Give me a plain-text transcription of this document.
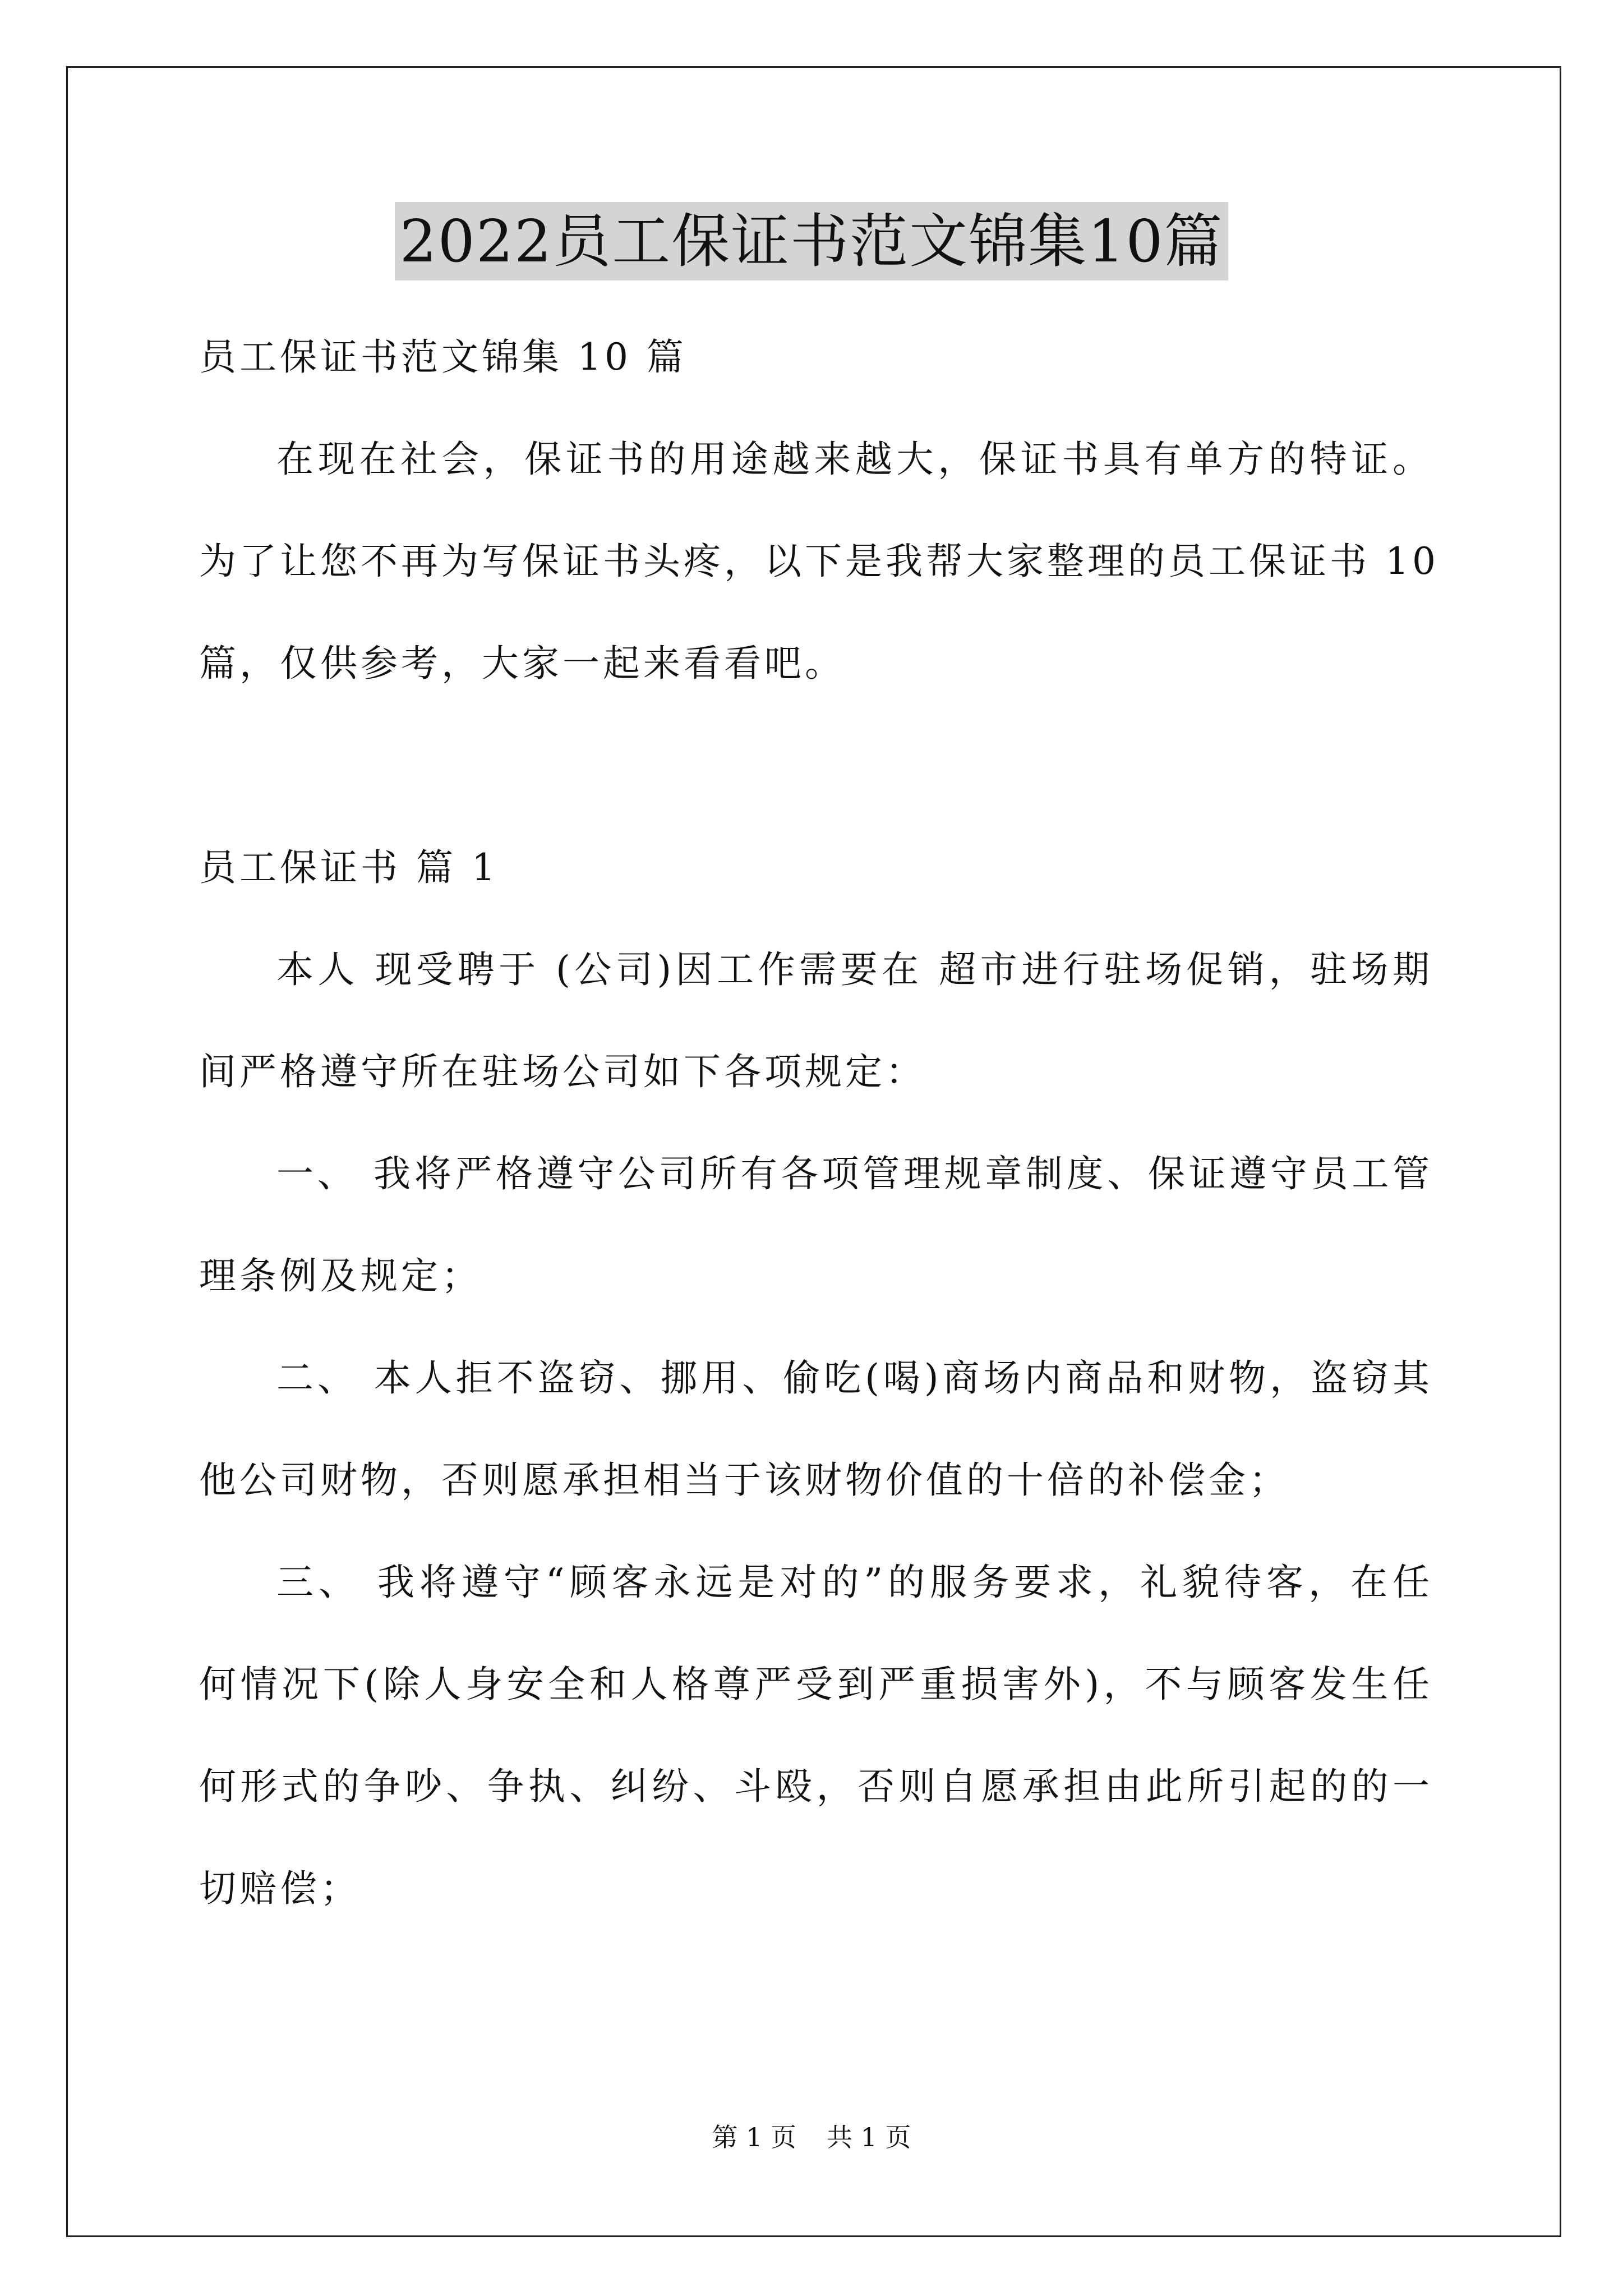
2022员工保证书范文锦集10篇
员工保证书范文锦集 10 篇
在现在社会，保证书的用途越来越大，保证书具有单方的特证。
为了让您不再为写保证书头疼，以下是我帮大家整理的员工保证书 10
篇，仅供参考，大家一起来看看吧。
员工保证书 篇 1
本人 现受聘于 (公司)因工作需要在 超市进行驻场促销，驻场期
间严格遵守所在驻场公司如下各项规定：
一、 我将严格遵守公司所有各项管理规章制度、保证遵守员工管
理条例及规定；
二、 本人拒不盗窃、挪用、偷吃(喝)商场内商品和财物，盗窃其
他公司财物，否则愿承担相当于该财物价值的十倍的补偿金；
三、 我将遵守“顾客永远是对的”的服务要求，礼貌待客，在任
何情况下(除人身安全和人格尊严受到严重损害外)，不与顾客发生任
何形式的争吵、争执、纠纷、斗殴，否则自愿承担由此所引起的的一
切赔偿；
第 1 页 共 1 页
